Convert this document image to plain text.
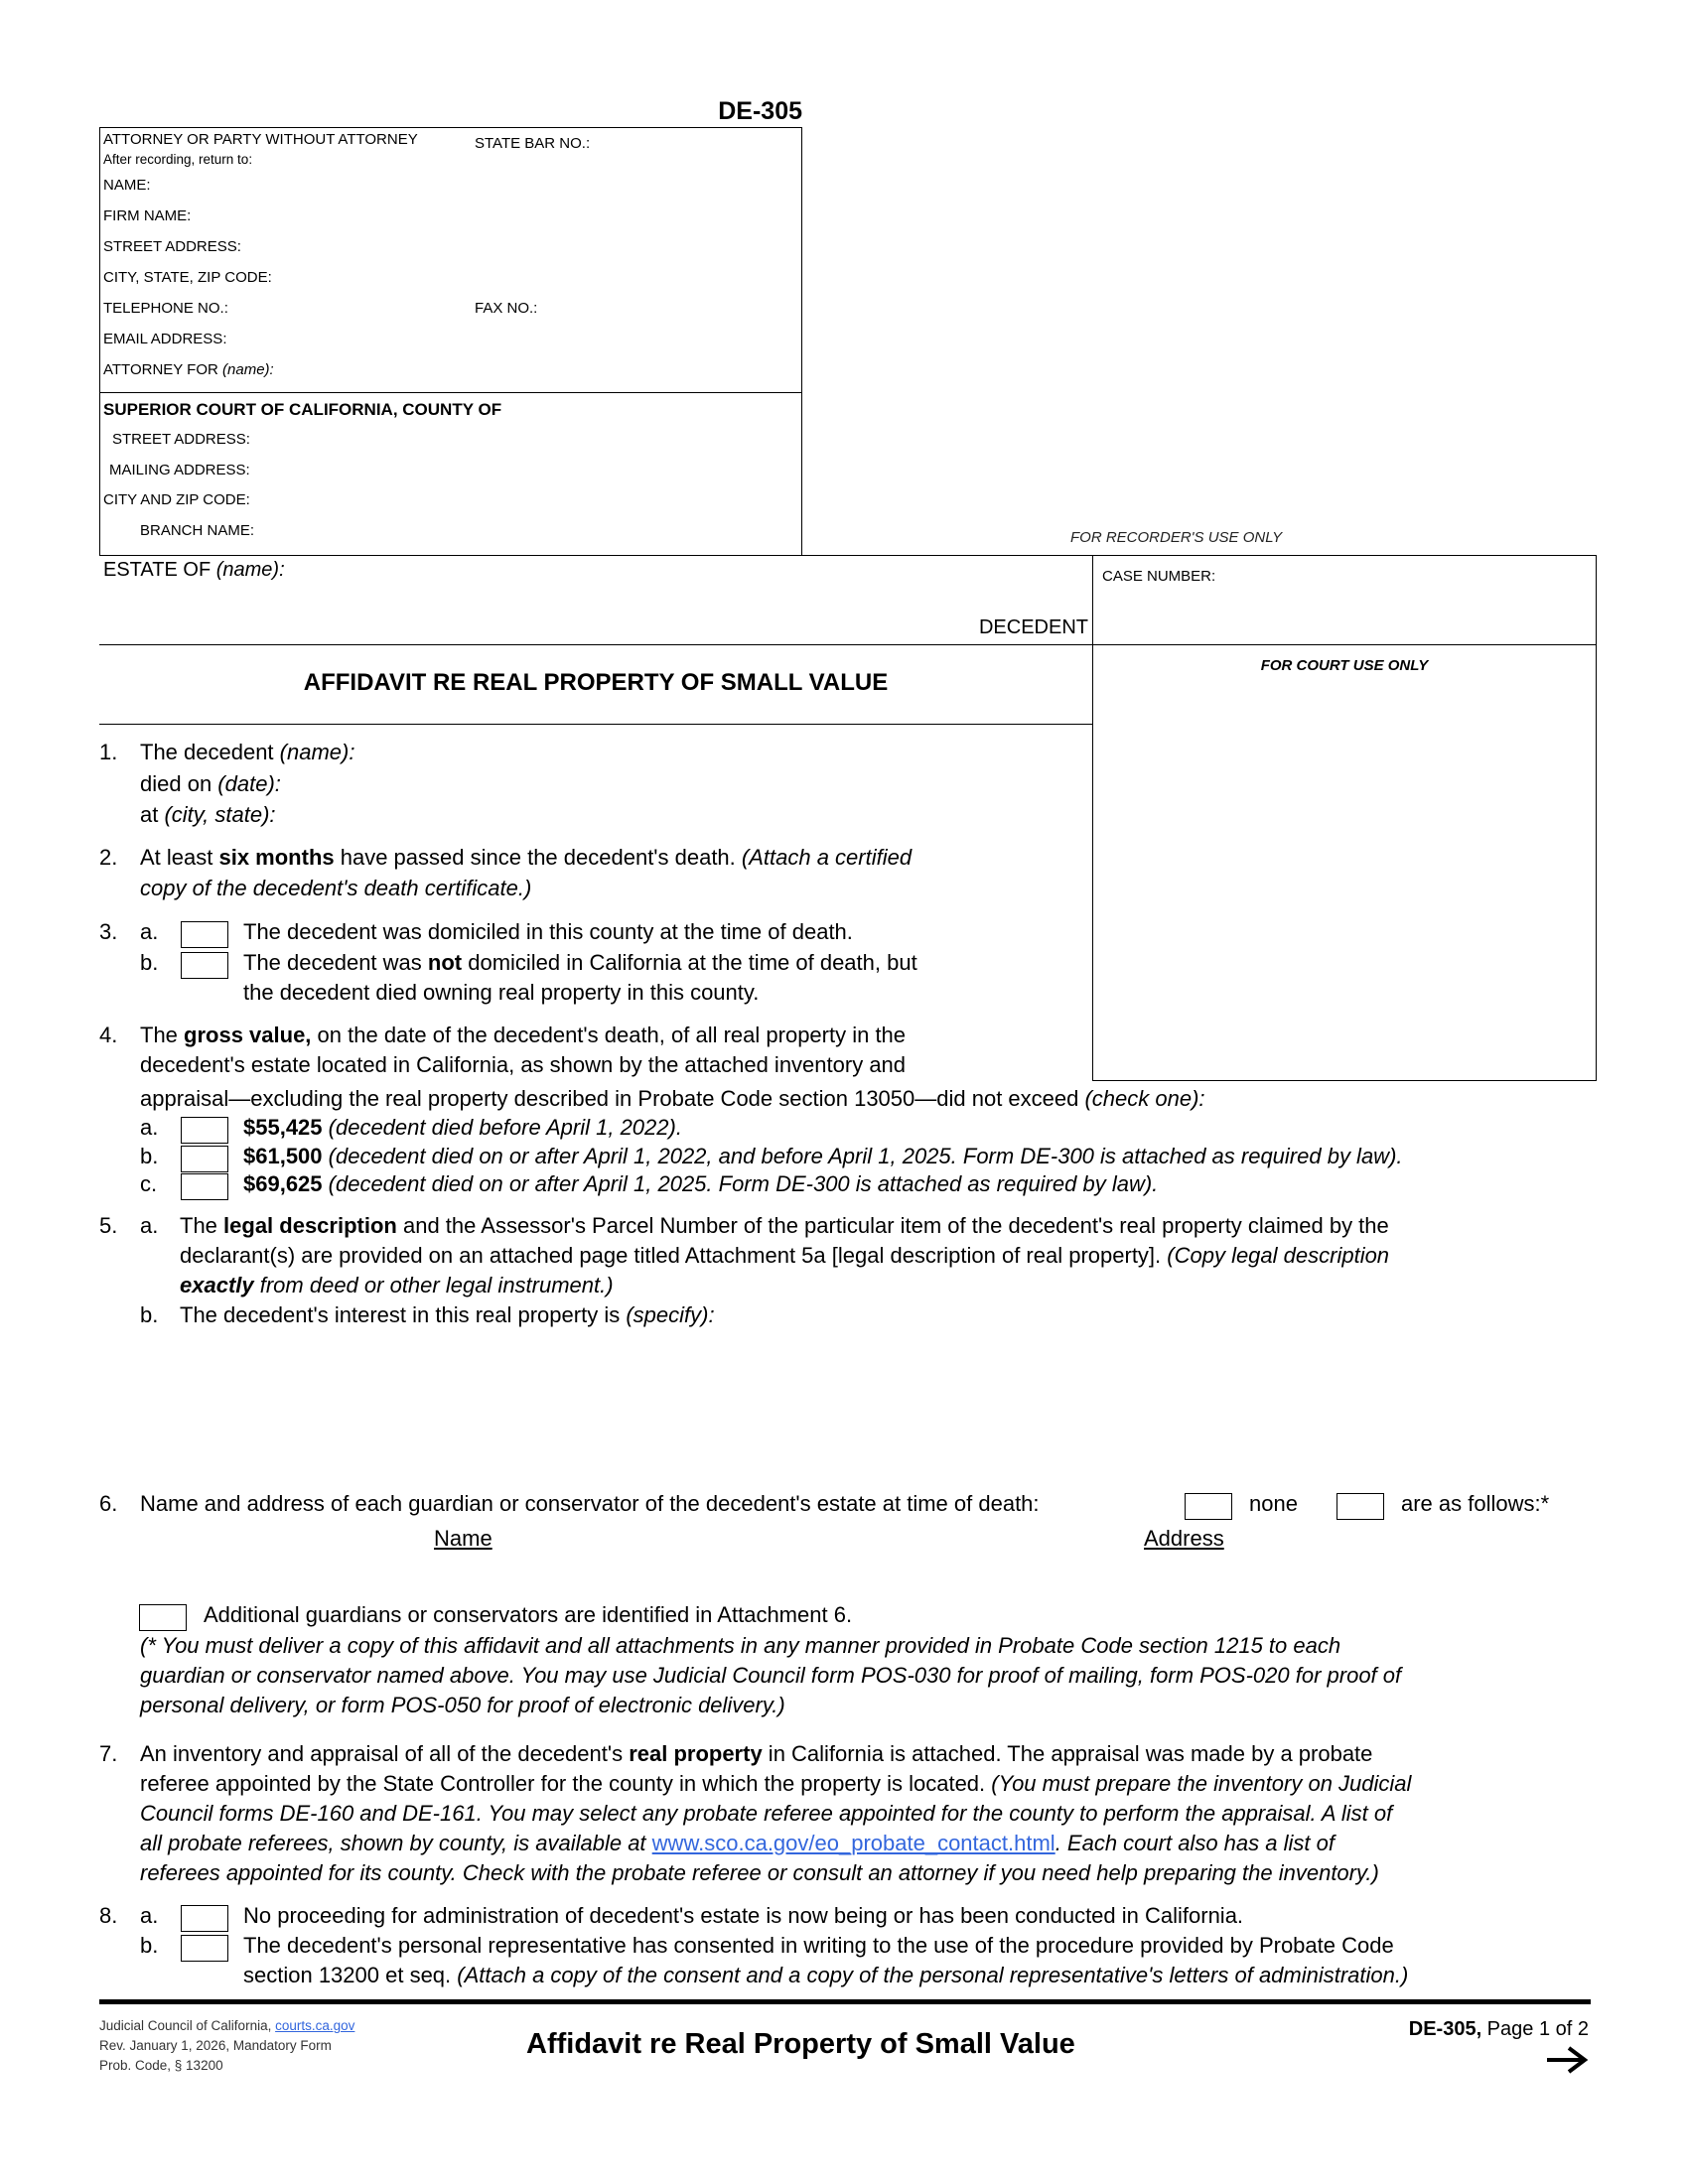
DE-305
ATTORNEY OR PARTY WITHOUT ATTORNEY	STATE BAR NO.:
After recording, return to:
NAME:
FIRM NAME:
STREET ADDRESS:
CITY, STATE, ZIP CODE:
TELEPHONE NO.:	FAX NO.:
EMAIL ADDRESS:
ATTORNEY FOR (name):
SUPERIOR COURT OF CALIFORNIA, COUNTY OF
STREET ADDRESS:
MAILING ADDRESS:
CITY AND ZIP CODE:
BRANCH NAME:	FOR RECORDER'S USE ONLY
ESTATE OF (name):
DECEDENT
CASE NUMBER:
FOR COURT USE ONLY
AFFIDAVIT RE REAL PROPERTY OF SMALL VALUE
1. The decedent (name):
died on (date):
at (city, state):
2. At least six months have passed since the decedent's death. (Attach a certified
copy of the decedent's death certificate.)
3. a.	The decedent was domiciled in this county at the time of death.
b.	The decedent was not domiciled in California at the time of death, but
the decedent died owning real property in this county.
4. The gross value, on the date of the decedent's death, of all real property in the
decedent's estate located in California, as shown by the attached inventory and
appraisal—excluding the real property described in Probate Code section 13050—did not exceed (check one):
a.	$55,425 (decedent died before April 1, 2022).
b.	$61,500 (decedent died on or after April 1, 2022, and before April 1, 2025. Form DE-300 is attached as required by law).
c.	$69,625 (decedent died on or after April 1, 2025. Form DE-300 is attached as required by law).
5. a. The legal description and the Assessor's Parcel Number of the particular item of the decedent's real property claimed by the
declarant(s) are provided on an attached page titled Attachment 5a [legal description of real property]. (Copy legal description
exactly from deed or other legal instrument.)
b. The decedent's interest in this real property is (specify):
6. Name and address of each guardian or conservator of the decedent's estate at time of death:	none	are as follows:*
Name	Address
Additional guardians or conservators are identified in Attachment 6.
(* You must deliver a copy of this affidavit and all attachments in any manner provided in Probate Code section 1215 to each
guardian or conservator named above. You may use Judicial Council form POS-030 for proof of mailing, form POS-020 for proof of
personal delivery, or form POS-050 for proof of electronic delivery.)
7. An inventory and appraisal of all of the decedent's real property in California is attached. The appraisal was made by a probate
referee appointed by the State Controller for the county in which the property is located. (You must prepare the inventory on Judicial
Council forms DE-160 and DE-161. You may select any probate referee appointed for the county to perform the appraisal. A list of
all probate referees, shown by county, is available at www.sco.ca.gov/eo_probate_contact.html. Each court also has a list of
referees appointed for its county. Check with the probate referee or consult an attorney if you need help preparing the inventory.)
8. a.	No proceeding for administration of decedent's estate is now being or has been conducted in California.
b.	The decedent's personal representative has consented in writing to the use of the procedure provided by Probate Code
section 13200 et seq. (Attach a copy of the consent and a copy of the personal representative's letters of administration.)
Judicial Council of California, courts.ca.gov
Rev. January 1, 2026, Mandatory Form
Prob. Code, § 13200
Affidavit re Real Property of Small Value	DE-305, Page 1 of 2
